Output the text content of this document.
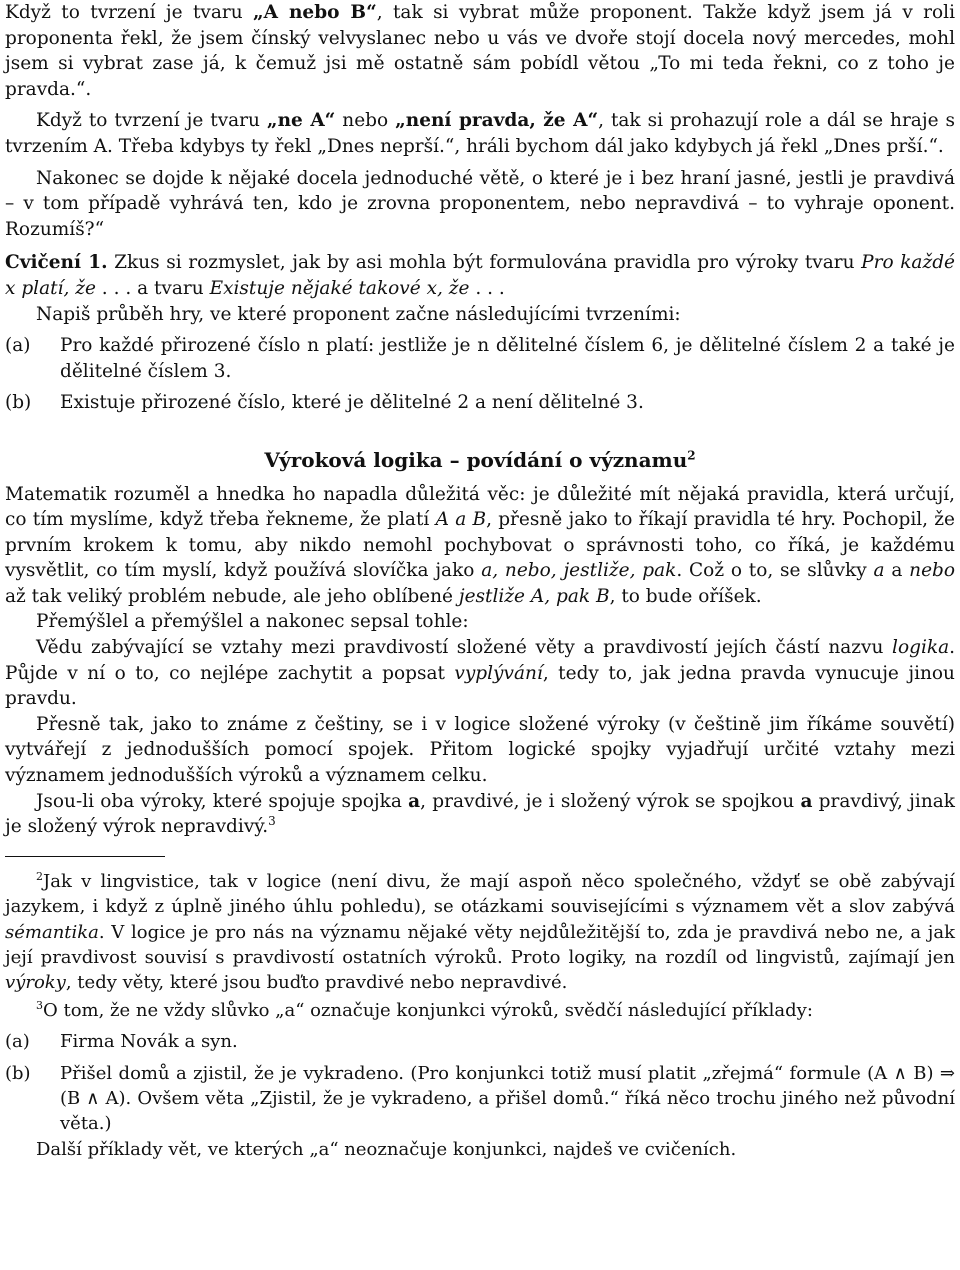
Když to tvrzení je tvaru „A nebo B“, tak si vybrat může proponent. Takže když jsem já v roli proponenta řekl, že jsem čínský velvyslanec nebo u vás ve dvoře stojí docela nový mercedes, mohl jsem si vybrat zase já, k čemuž jsi mě ostatně sám pobídl větou „To mi teda řekni, co z toho je pravda.“.

Když to tvrzení je tvaru „ne A“ nebo „není pravda, že A“, tak si prohazují role a dál se hraje s tvrzením A. Třeba kdybys ty řekl „Dnes neprší.“, hráli bychom dál jako kdybych já řekl „Dnes prší.“.

Nakonec se dojde k nějaké docela jednoduché větě, o které je i bez hraní jasné, jestli je pravdivá – v tom případě vyhrává ten, kdo je zrovna proponentem, nebo nepravdivá – to vyhraje oponent. Rozumíš?“

Cvičení 1. Zkus si rozmyslet, jak by asi mohla být formulována pravidla pro výroky tvaru Pro každé x platí, že . . . a tvaru Existuje nějaké takové x, že . . .

Napiš průběh hry, ve které proponent začne následujícími tvrzeními:

(a)	Pro každé přirozené číslo n platí: jestliže je n dělitelné číslem 6, je dělitelné číslem 2 a také je dělitelné číslem 3.
(b)	Existuje přirozené číslo, které je dělitelné 2 a není dělitelné 3.
Výroková logika – povídání o významu$^2$

Matematik rozuměl a hnedka ho napadla důležitá věc: je důležité mít nějaká pravidla, která určují, co tím myslíme, když třeba řekneme, že platí A a B, přesně jako to říkají pravidla té hry. Pochopil, že prvním krokem k tomu, aby nikdo nemohl pochybovat o správnosti toho, co říká, je každému vysvětlit, co tím myslí, když používá slovíčka jako a, nebo, jestliže, pak. Což o to, se slůvky a a nebo až tak veliký problém nebude, ale jeho oblíbené jestliže A, pak B, to bude oříšek.

Přemýšlel a přemýšlel a nakonec sepsal tohle:

Vědu zabývající se vztahy mezi pravdivostí složené věty a pravdivostí jejích částí nazvu logika. Půjde v ní o to, co nejlépe zachytit a popsat vyplývání, tedy to, jak jedna pravda vynucuje jinou pravdu.

Přesně tak, jako to známe z češtiny, se i v logice složené výroky (v češtině jim říkáme souvětí) vytvářejí z jednodušších pomocí spojek. Přitom logické spojky vyjadřují určité vztahy mezi významem jednodušších výroků a významem celku.

Jsou-li oba výroky, které spojuje spojka a, pravdivé, je i složený výrok se spojkou a pravdivý, jinak je složený výrok nepravdivý.$^3$

$^2$Jak v lingvistice, tak v logice (není divu, že mají aspoň něco společného, vždyť se obě zabývají jazykem, i když z úplně jiného úhlu pohledu), se otázkami souvisejícími s významem vět a slov zabývá sémantika. V logice je pro nás na významu nějaké věty nejdůležitější to, zda je pravdivá nebo ne, a jak její pravdivost souvisí s pravdivostí ostatních výroků. Proto logiky, na rozdíl od lingvistů, zajímají jen výroky, tedy věty, které jsou buďto pravdivé nebo nepravdivé.

$^3$O tom, že ne vždy slůvko „a“ označuje konjunkci výroků, svědčí následující příklady:

(a)	Firma Novák a syn.
(b)	Přišel domů a zjistil, že je vykradeno. (Pro konjunkci totiž musí platit „zřejmá“ formule (A ∧ B) ⇒ (B ∧ A). Ovšem věta „Zjistil, že je vykradeno, a přišel domů.“ říká něco trochu jiného než původní věta.)

Další příklady vět, ve kterých „a“ neoznačuje konjunkci, najdeš ve cvičeních.
